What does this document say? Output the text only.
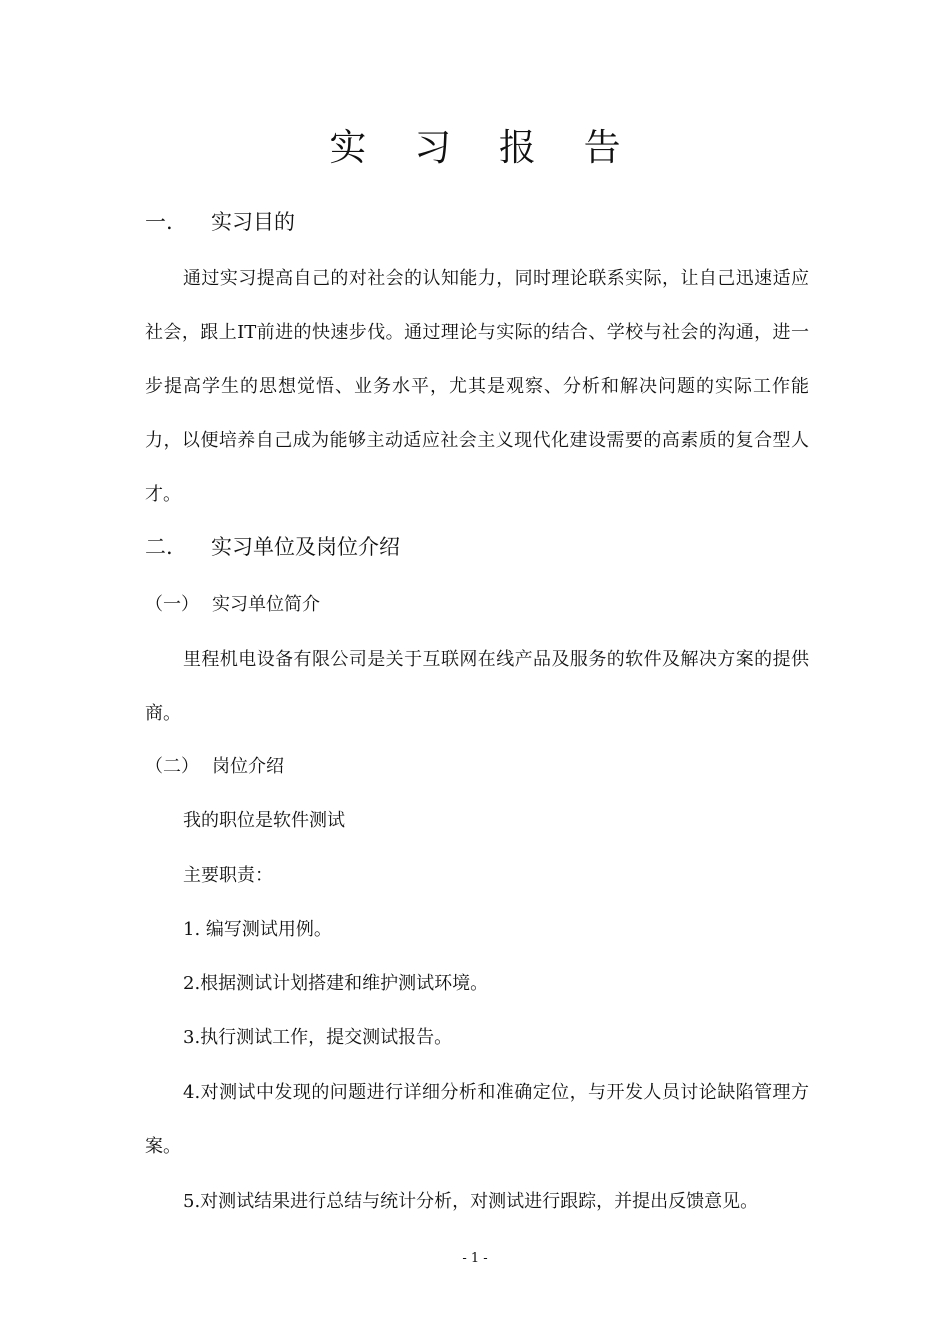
实 习 报 告
一. 实习目的

通过实习提高自己的对社会的认知能力，同时理论联系实际，让自己迅速适应社会，跟上IT前进的快速步伐。通过理论与实际的结合、学校与社会的沟通，进一步提高学生的思想觉悟、业务水平，尤其是观察、分析和解决问题的实际工作能力，以便培养自己成为能够主动适应社会主义现代化建设需要的高素质的复合型人才。

二. 实习单位及岗位介绍
（一） 实习单位简介

里程机电设备有限公司是关于互联网在线产品及服务的软件及解决方案的提供商。

（二） 岗位介绍
我的职位是软件测试
主要职责：
1. 编写测试用例。
2.根据测试计划搭建和维护测试环境。
3.执行测试工作，提交测试报告。

4.对测试中发现的问题进行详细分析和准确定位，与开发人员讨论缺陷管理方案。

5.对测试结果进行总结与统计分析，对测试进行跟踪，并提出反馈意见。
- 1 -
